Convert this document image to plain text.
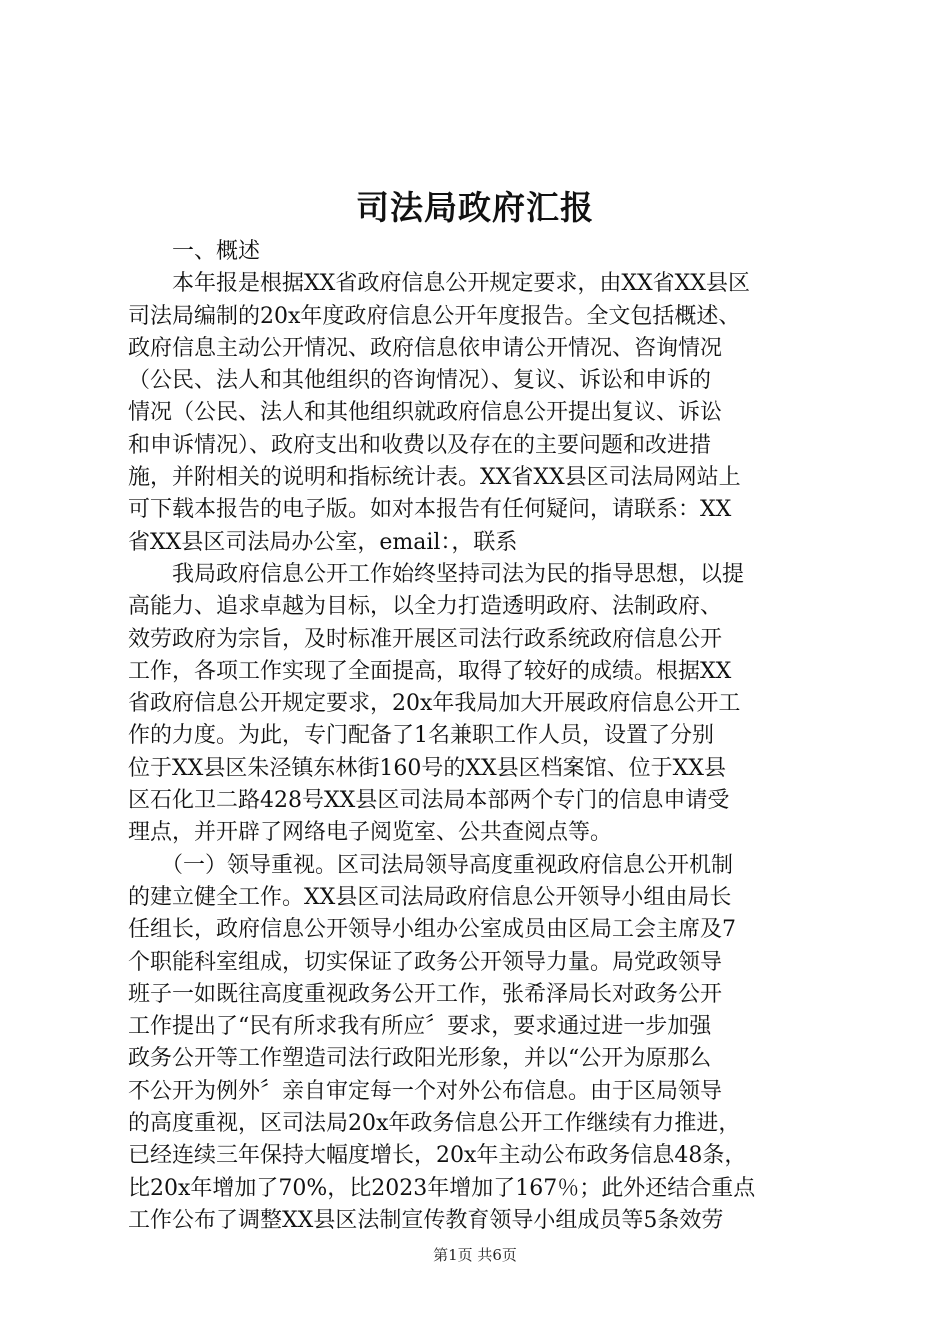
司法局政府汇报
　　一、概述
　　本年报是根据XX省政府信息公开规定要求，由XX省XX县区
司法局编制的20x年度政府信息公开年度报告。全文包括概述、
政府信息主动公开情况、政府信息依申请公开情况、咨询情况
（公民、法人和其他组织的咨询情况）、复议、诉讼和申诉的
情况（公民、法人和其他组织就政府信息公开提出复议、诉讼
和申诉情况）、政府支出和收费以及存在的主要问题和改进措
施，并附相关的说明和指标统计表。XX省XX县区司法局网站上
可下载本报告的电子版。如对本报告有任何疑问，请联系：XX
省XX县区司法局办公室，email：，联系
　　我局政府信息公开工作始终坚持司法为民的指导思想，以提
高能力、追求卓越为目标，以全力打造透明政府、法制政府、
效劳政府为宗旨，及时标准开展区司法行政系统政府信息公开
工作，各项工作实现了全面提高，取得了较好的成绩。根据XX
省政府信息公开规定要求，20x年我局加大开展政府信息公开工
作的力度。为此，专门配备了1名兼职工作人员，设置了分别
位于XX县区朱泾镇东林街160号的XX县区档案馆、位于XX县
区石化卫二路428号XX县区司法局本部两个专门的信息申请受
理点，并开辟了网络电子阅览室、公共查阅点等。
　　（一）领导重视。区司法局领导高度重视政府信息公开机制
的建立健全工作。XX县区司法局政府信息公开领导小组由局长
任组长，政府信息公开领导小组办公室成员由区局工会主席及7
个职能科室组成，切实保证了政务公开领导力量。局党政领导
班子一如既往高度重视政务公开工作，张希泽局长对政务公开
工作提出了“民有所求我有所应〞要求，要求通过进一步加强
政务公开等工作塑造司法行政阳光形象，并以“公开为原那么
不公开为例外〞亲自审定每一个对外公布信息。由于区局领导
的高度重视，区司法局20x年政务信息公开工作继续有力推进，
已经连续三年保持大幅度增长，20x年主动公布政务信息48条，
比20x年增加了70%，比2023年增加了167％；此外还结合重点
工作公布了调整XX县区法制宣传教育领导小组成员等5条效劳
第1页 共6页
